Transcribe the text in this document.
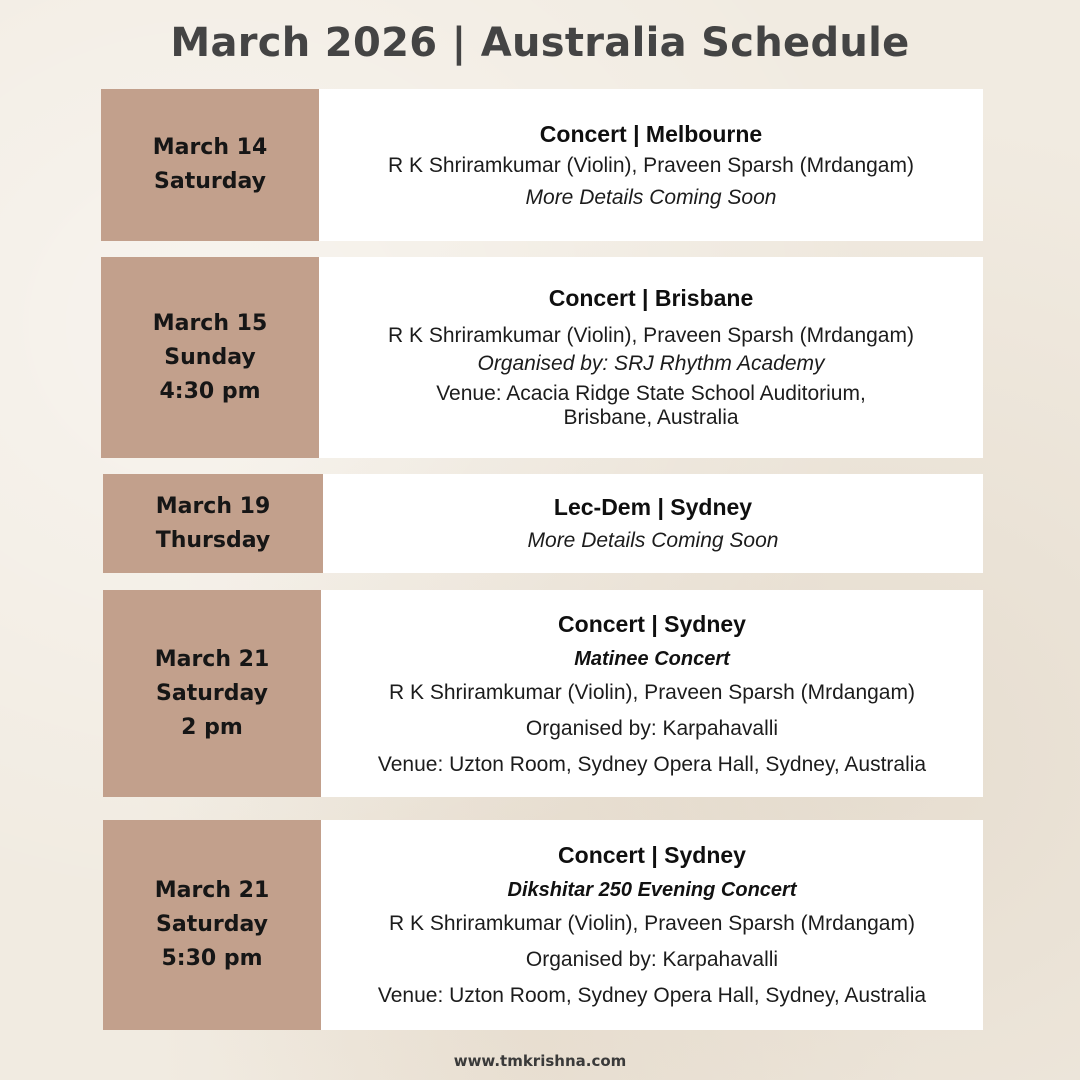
March 2026 | Australia Schedule
March 14
Saturday
Concert | Melbourne
R K Shriramkumar (Violin), Praveen Sparsh (Mrdangam)
More Details Coming Soon
March 15
Sunday
4:30 pm
Concert | Brisbane
R K Shriramkumar (Violin), Praveen Sparsh (Mrdangam)
Organised by: SRJ Rhythm Academy
Venue: Acacia Ridge State School Auditorium,
Brisbane, Australia
March 19
Thursday
Lec-Dem | Sydney
More Details Coming Soon
March 21
Saturday
2 pm
Concert | Sydney
Matinee Concert
R K Shriramkumar (Violin), Praveen Sparsh (Mrdangam)
Organised by: Karpahavalli
Venue: Uzton Room, Sydney Opera Hall, Sydney, Australia
March 21
Saturday
5:30 pm
Concert | Sydney
Dikshitar 250 Evening Concert
R K Shriramkumar (Violin), Praveen Sparsh (Mrdangam)
Organised by: Karpahavalli
Venue: Uzton Room, Sydney Opera Hall, Sydney, Australia
www.tmkrishna.com
